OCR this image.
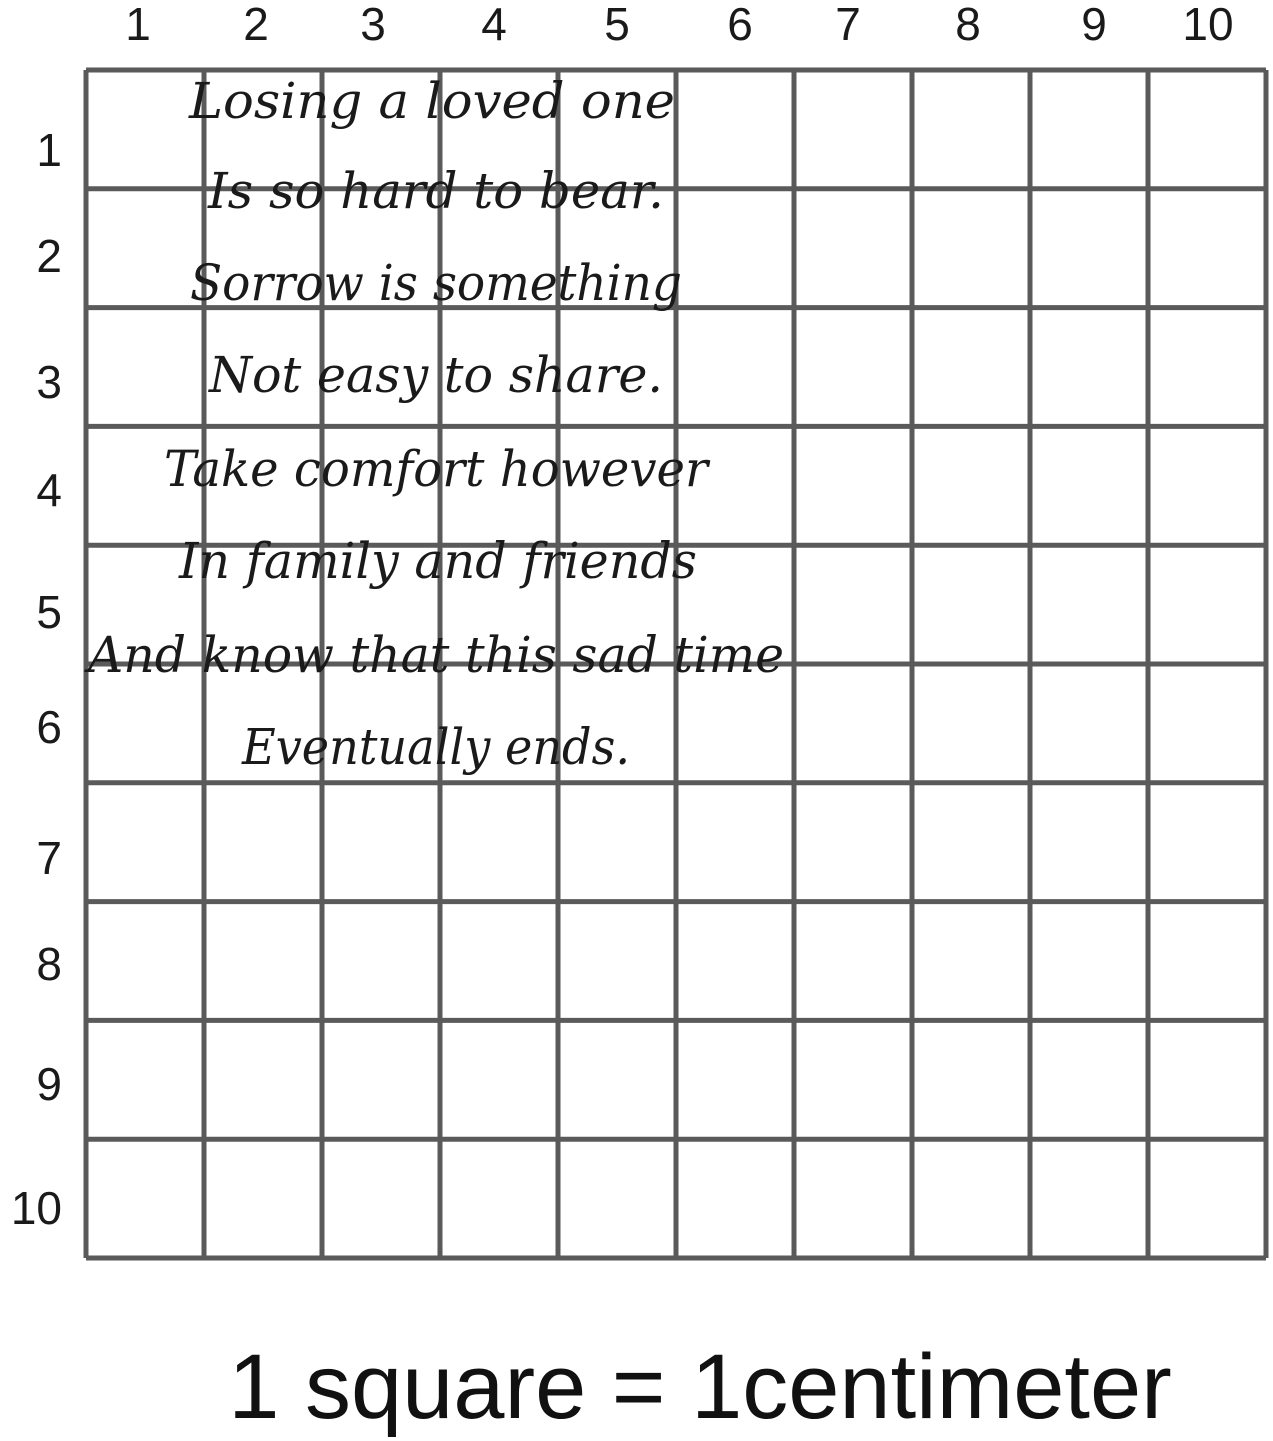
1 2 3 4 5 6 7 8 9 10
1
2
3
4
5
6
7
8
9
10
Losing a loved one
Is so hard to bear.
Sorrow is something
Not easy to share.
Take comfort however
In family and friends
And know that this sad time
Eventually ends.
1 square = 1centimeter
